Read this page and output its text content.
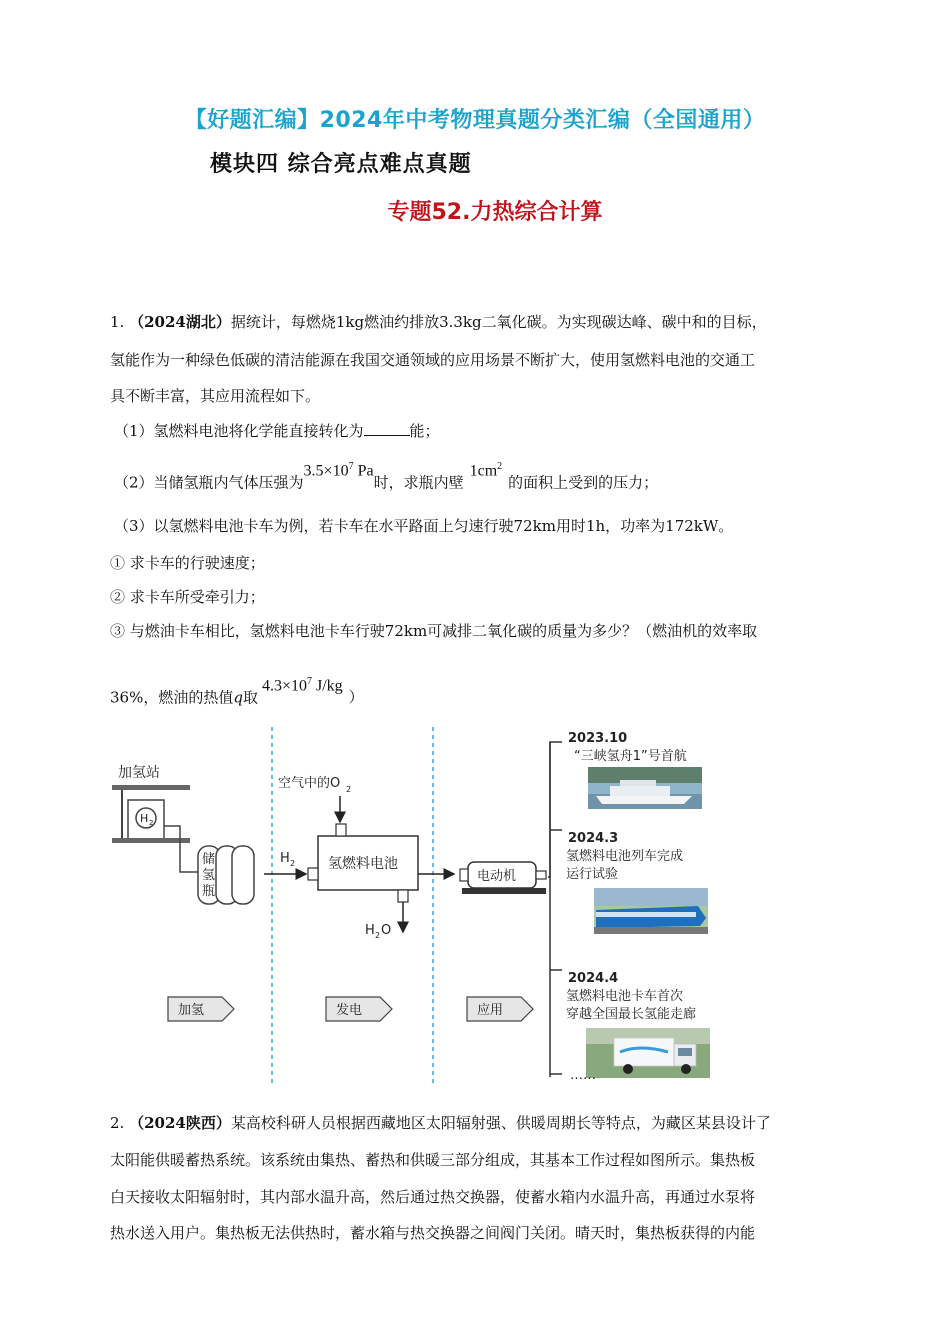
【好题汇编】2024年中考物理真题分类汇编（全国通用）
模块四 综合亮点难点真题
专题52.力热综合计算
1. （2024湖北）据统计，每燃烧1kg燃油约排放3.3kg二氧化碳。为实现碳达峰、碳中和的目标，
氢能作为一种绿色低碳的清洁能源在我国交通领域的应用场景不断扩大，使用氢燃料电池的交通工
具不断丰富，其应用流程如下。
（1）氢燃料电池将化学能直接转化为	能；
（2）当储氢瓶内气体压强为$3.5\times 10^7$ Pa时，求瓶内壁$1cm^2$的面积上受到的压力；
（3）以氢燃料电池卡车为例，若卡车在水平路面上匀速行驶72km用时1h，功率为172kW。
① 求卡车的行驶速度；
② 求卡车所受牵引力；
③ 与燃油卡车相比，氢燃料电池卡车行驶72km可减排二氧化碳的质量为多少？（燃油机的效率取
36%，燃油的热值q取$4.3\times 10^7$ J/kg）
加氢站
H 2
储
氢
瓶
空气中的O 2
H 2 氢燃料电池
H 2 O
电动机
加氢	发电	应用
2023.10
“三峡氢舟1”号首航
2024.3
氢燃料电池列车完成
运行试验
2024.4
氢燃料电池卡车首次
穿越全国最长氢能走廊
……
2. （2024陕西）某高校科研人员根据西藏地区太阳辐射强、供暖周期长等特点，为藏区某县设计了
太阳能供暖蓄热系统。该系统由集热、蓄热和供暖三部分组成，其基本工作过程如图所示。集热板
白天接收太阳辐射时，其内部水温升高，然后通过热交换器，使蓄水箱内水温升高，再通过水泵将
热水送入用户。集热板无法供热时，蓄水箱与热交换器之间阀门关闭。晴天时，集热板获得的内能
